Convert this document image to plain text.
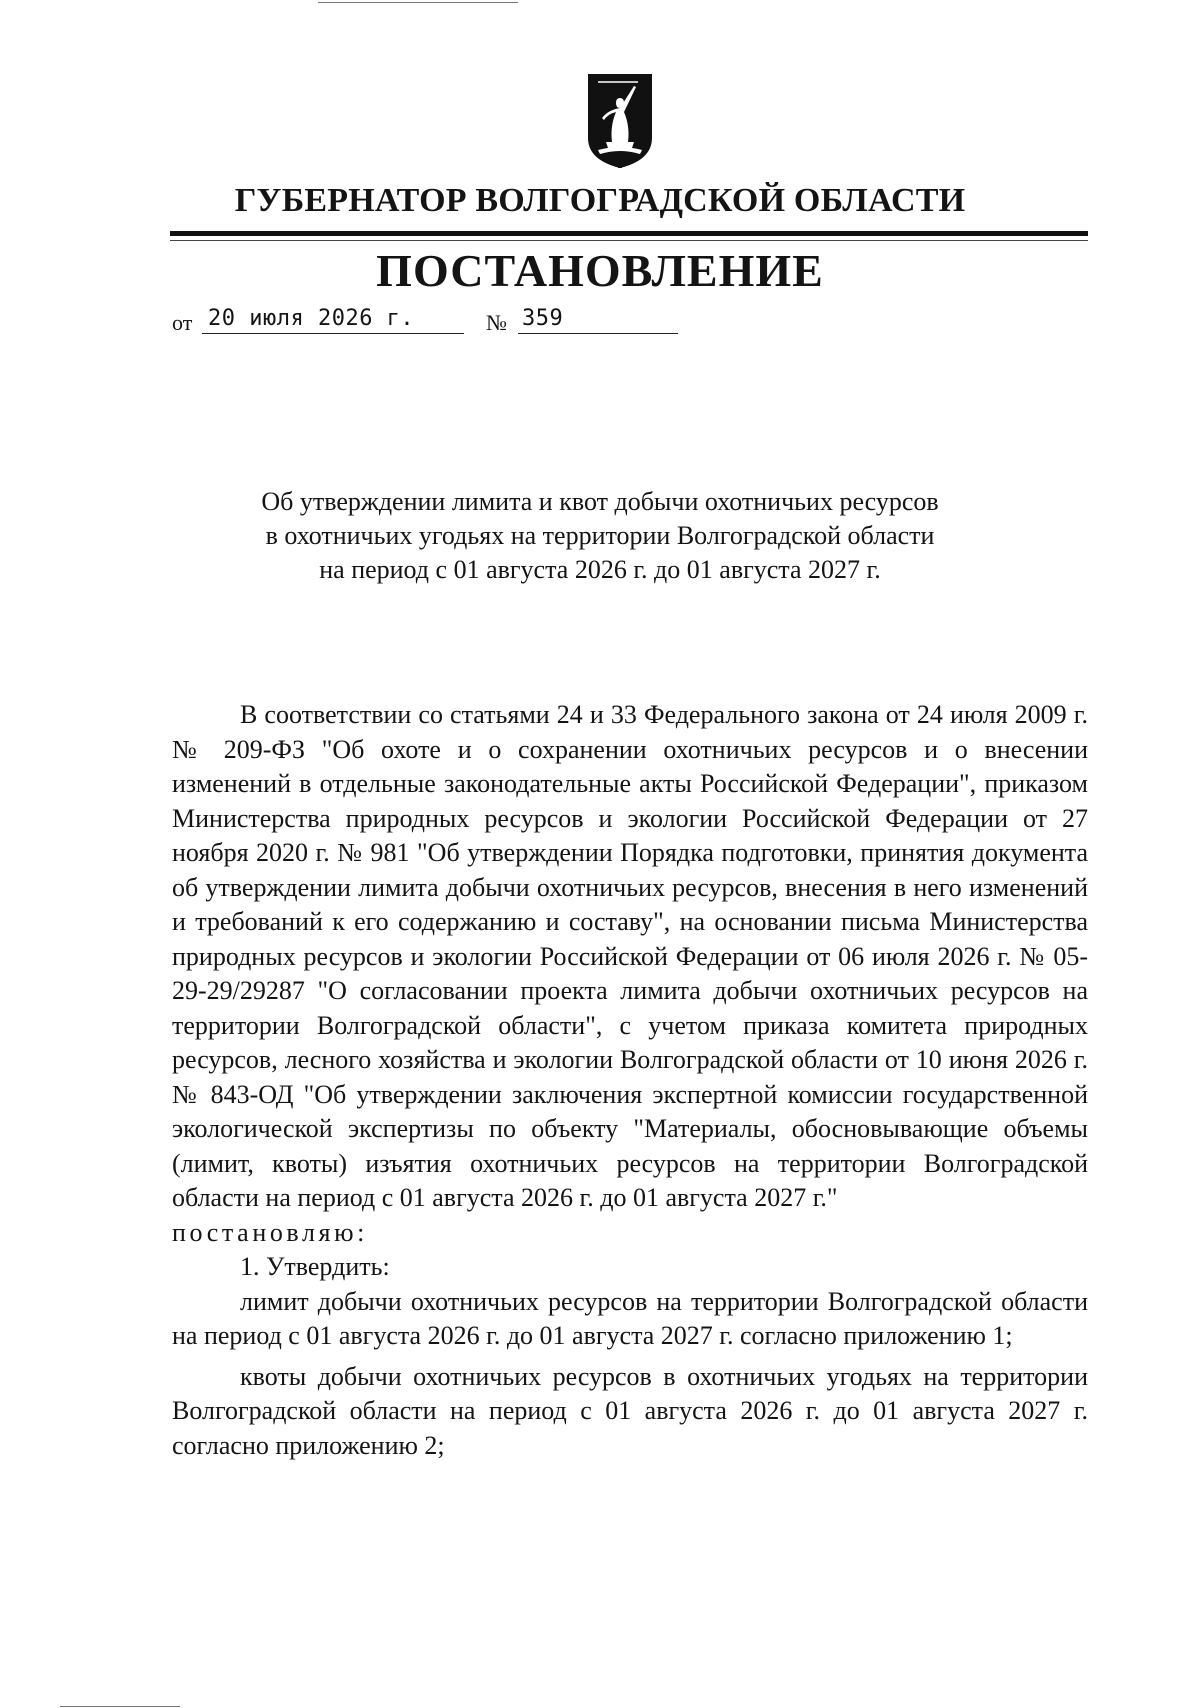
ГУБЕРНАТОР ВОЛГОГРАДСКОЙ ОБЛАСТИ
ПОСТАНОВЛЕНИЕ
от 20 июля 2026 г.	№ 359
Об утверждении лимита и квот добычи охотничьих ресурсов
в охотничьих угодьях на территории Волгоградской области
на период с 01 августа 2026 г. до 01 августа 2027 г.

В соответствии со статьями 24 и 33 Федерального закона от 24 июля 2009 г. № 209-ФЗ "Об охоте и о сохранении охотничьих ресурсов и о внесении изменений в отдельные законодательные акты Российской Федерации", приказом Министерства природных ресурсов и экологии Российской Федерации от 27 ноября 2020 г. № 981 "Об утверждении Порядка подготовки, принятия документа об утверждении лимита добычи охотничьих ресурсов, внесения в него изменений и требований к его содержанию и составу", на основании письма Министерства природных ресурсов и экологии Российской Федерации от 06 июля 2026 г. № 05-29-29/29287 "О согласовании проекта лимита добычи охотничьих ресурсов на территории Волгоградской области", с учетом приказа комитета природных ресурсов, лесного хозяйства и экологии Волгоградской области от 10 июня 2026 г. № 843-ОД "Об утверждении заключения экспертной комиссии государственной экологической экспертизы по объекту "Материалы, обосновывающие объемы (лимит, квоты) изъятия охотничьих ресурсов на территории Волгоградской области на период с 01 августа 2026 г. до 01 августа 2027 г."

постановляю:

1. Утвердить:

лимит добычи охотничьих ресурсов на территории Волгоградской области на период с 01 августа 2026 г. до 01 августа 2027 г. согласно приложению 1;

квоты добычи охотничьих ресурсов в охотничьих угодьях на территории Волгоградской области на период с 01 августа 2026 г. до 01 августа 2027 г. согласно приложению 2;
